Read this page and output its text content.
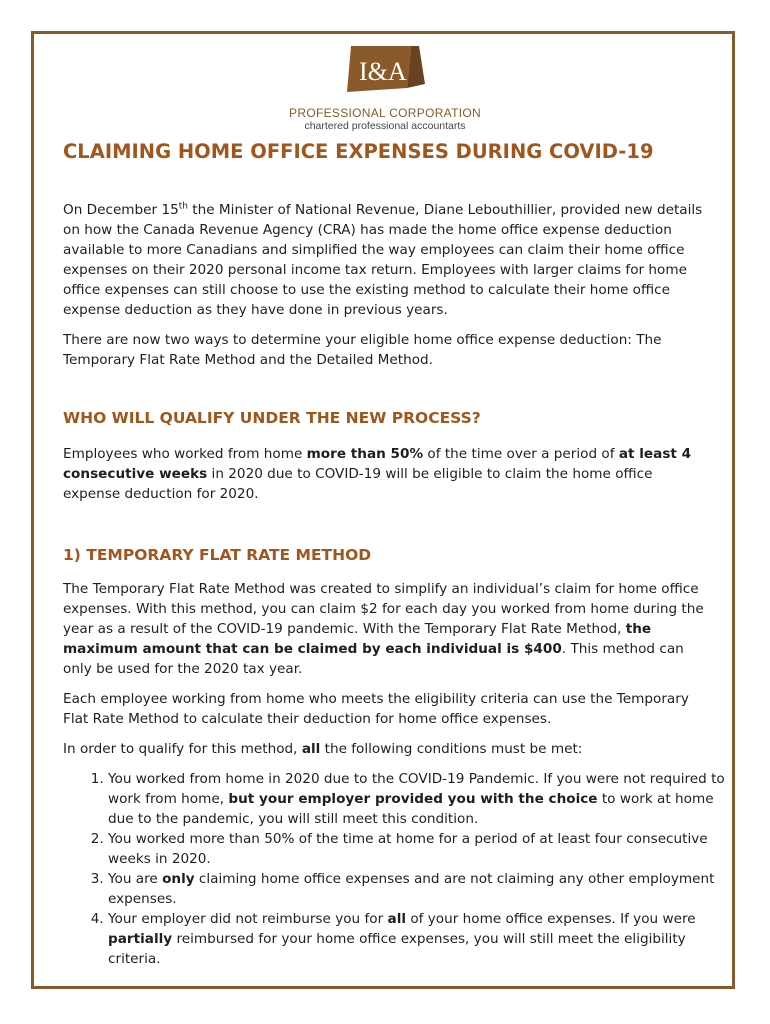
I&A
PROFESSIONAL CORPORATION
chartered professional accountarts
CLAIMING HOME OFFICE EXPENSES DURING COVID-19

On December 15th the Minister of National Revenue, Diane Lebouthillier, provided new details on how the Canada Revenue Agency (CRA) has made the home office expense deduction available to more Canadians and simplified the way employees can claim their home office expenses on their 2020 personal income tax return. Employees with larger claims for home office expenses can still choose to use the existing method to calculate their home office expense deduction as they have done in previous years.

There are now two ways to determine your eligible home office expense deduction: The Temporary Flat Rate Method and the Detailed Method.

WHO WILL QUALIFY UNDER THE NEW PROCESS?

Employees who worked from home more than 50% of the time over a period of at least 4 consecutive weeks in 2020 due to COVID-19 will be eligible to claim the home office expense deduction for 2020.

1) TEMPORARY FLAT RATE METHOD

The Temporary Flat Rate Method was created to simplify an individual’s claim for home office expenses. With this method, you can claim $2 for each day you worked from home during the year as a result of the COVID-19 pandemic. With the Temporary Flat Rate Method, the maximum amount that can be claimed by each individual is $400. This method can only be used for the 2020 tax year.

Each employee working from home who meets the eligibility criteria can use the Temporary Flat Rate Method to calculate their deduction for home office expenses.

In order to qualify for this method, all the following conditions must be met:

1. You worked from home in 2020 due to the COVID-19 Pandemic. If you were not required to work from home, but your employer provided you with the choice to work at home due to the pandemic, you will still meet this condition.
2. You worked more than 50% of the time at home for a period of at least four consecutive weeks in 2020.
3. You are only claiming home office expenses and are not claiming any other employment expenses.
4. Your employer did not reimburse you for all of your home office expenses. If you were partially reimbursed for your home office expenses, you will still meet the eligibility criteria.
